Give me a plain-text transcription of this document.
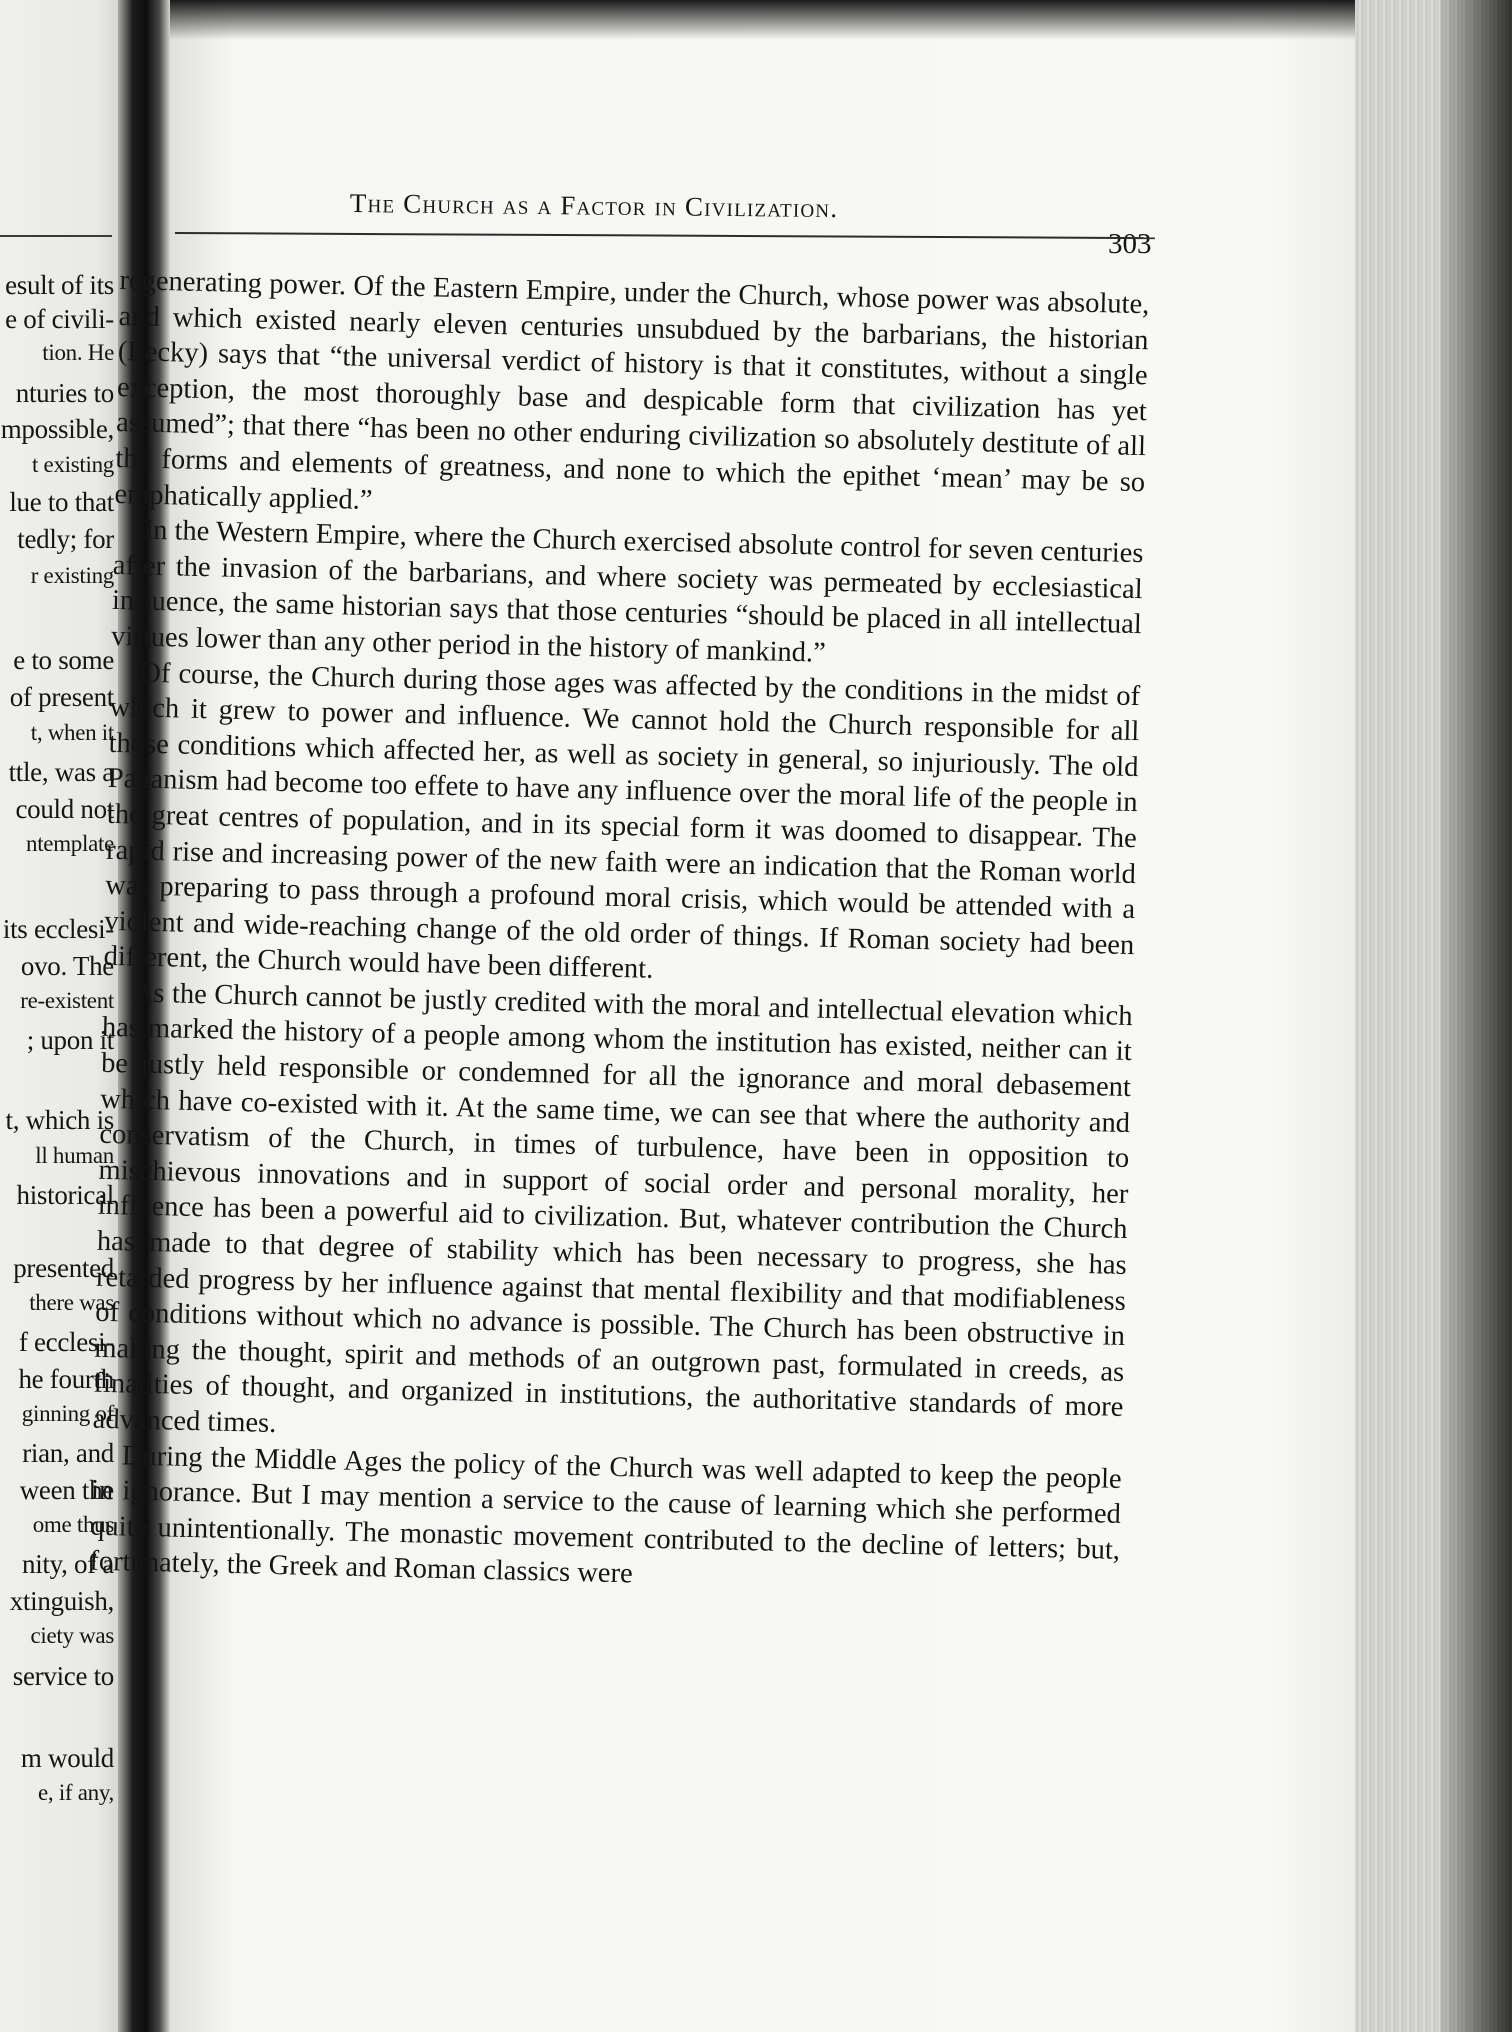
esult of its
e of civili-
tion. He
nturies to
mpossible,
t existing
lue to that
tedly; for
r existing
e to some
of present
t, when it
ttle, was a
could not
ntemplate
its ecclesi-
ovo. The
re-existent
; upon it
t, which is
ll human
historical
presented
there was
f ecclesi-
he fourth
ginning of
rian, and
ween the
ome thus
nity, of a
xtinguish,
ciety was
service to
m would
e, if any,
The Church as a Factor in Civilization.
303

regenerating power. Of the Eastern Empire, under the Church, whose power was absolute, and which existed nearly eleven centuries unsubdued by the barbarians, the historian (Lecky) says that “the universal verdict of history is that it constitutes, without a single exception, the most thoroughly base and despicable form that civilization has yet assumed”; that there “has been no other enduring civilization so absolutely destitute of all the forms and elements of greatness, and none to which the epithet ‘mean’ may be so emphatically applied.”

In the Western Empire, where the Church exercised absolute control for seven centuries after the invasion of the barbarians, and where society was permeated by ecclesiastical influence, the same historian says that those centuries “should be placed in all intellectual virtues lower than any other period in the history of mankind.”

Of course, the Church during those ages was affected by the conditions in the midst of which it grew to power and influence. We cannot hold the Church responsible for all those conditions which affected her, as well as society in general, so injuriously. The old Paganism had become too effete to have any influence over the moral life of the people in the great centres of population, and in its special form it was doomed to disappear. The rapid rise and increasing power of the new faith were an indication that the Roman world was preparing to pass through a profound moral crisis, which would be attended with a violent and wide-reaching change of the old order of things. If Roman society had been different, the Church would have been different.

As the Church cannot be justly credited with the moral and intellectual elevation which has marked the history of a people among whom the institution has existed, neither can it be justly held responsible or condemned for all the ignorance and moral debasement which have co-existed with it. At the same time, we can see that where the authority and conservatism of the Church, in times of turbulence, have been in opposition to mischievous innovations and in support of social order and personal morality, her influence has been a powerful aid to civilization. But, whatever contribution the Church has made to that degree of stability which has been necessary to progress, she has retarded progress by her influence against that mental flexibility and that modifiableness of conditions without which no advance is possible. The Church has been obstructive in making the thought, spirit and methods of an outgrown past, formulated in creeds, as finalities of thought, and organized in institutions, the authoritative standards of more advanced times.

During the Middle Ages the policy of the Church was well adapted to keep the people in ignorance. But I may mention a service to the cause of learning which she performed quite unintentionally. The monastic movement contributed to the decline of letters; but, fortunately, the Greek and Roman classics were
